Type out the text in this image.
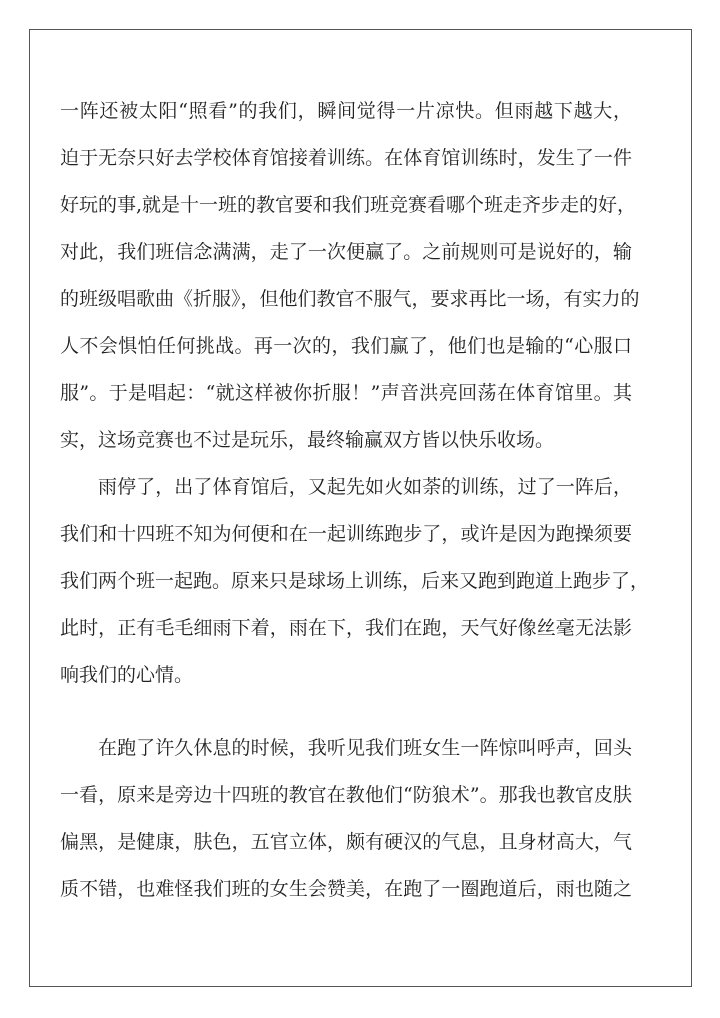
一阵还被太阳“照看”的我们，瞬间觉得一片凉快。但雨越下越大，
迫于无奈只好去学校体育馆接着训练。在体育馆训练时，发生了一件
好玩的事,就是十一班的教官要和我们班竞赛看哪个班走齐步走的好，
对此，我们班信念满满，走了一次便赢了。之前规则可是说好的，输
的班级唱歌曲《折服》，但他们教官不服气，要求再比一场，有实力的
人不会惧怕任何挑战。再一次的，我们赢了，他们也是输的“心服口
服”。于是唱起：“就这样被你折服！”声音洪亮回荡在体育馆里。其
实，这场竞赛也不过是玩乐，最终输赢双方皆以快乐收场。
雨停了，出了体育馆后，又起先如火如荼的训练，过了一阵后，
我们和十四班不知为何便和在一起训练跑步了，或许是因为跑操须要
我们两个班一起跑。原来只是球场上训练，后来又跑到跑道上跑步了，
此时，正有毛毛细雨下着，雨在下，我们在跑，天气好像丝毫无法影
响我们的心情。
在跑了许久休息的时候，我听见我们班女生一阵惊叫呼声，回头
一看，原来是旁边十四班的教官在教他们“防狼术”。那我也教官皮肤
偏黑，是健康，肤色，五官立体，颇有硬汉的气息，且身材高大，气
质不错，也难怪我们班的女生会赞美，在跑了一圈跑道后，雨也随之
